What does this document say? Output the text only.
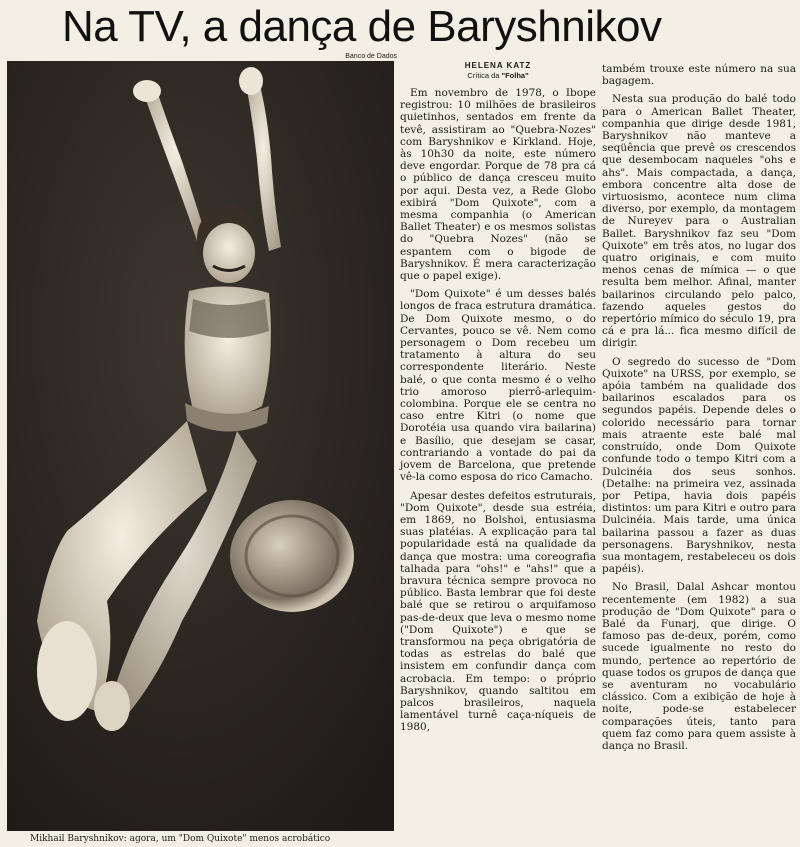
Na TV, a dança de Baryshnikov
Banco de Dados
Mikhail Baryshnikov: agora, um "Dom Quixote" menos acrobático
HELENA KATZ
Crítica da "Folha"

Em novembro de 1978, o Ibope registrou: 10 milhões de brasileiros quietinhos, sentados em frente da tevê, assistiram ao "Quebra-Nozes" com Baryshnikov e Kirkland. Hoje, às 10h30 da noite, este número deve engordar. Porque de 78 pra cá o público de dança cresceu muito por aqui. Desta vez, a Rede Globo exibirá "Dom Quixote", com a mesma companhia (o American Ballet Theater) e os mesmos solistas do "Quebra Nozes" (não se espantem com o bigode de Baryshnikov. É mera caracterização que o papel exige).

"Dom Quixote" é um desses balés longos de fraca estrutura dramática. De Dom Quixote mesmo, o do Cervantes, pouco se vê. Nem como personagem o Dom recebeu um tratamento à altura do seu correspondente literário. Neste balé, o que conta mesmo é o velho trio amoroso pierrô-arlequim-colombina. Porque ele se centra no caso entre Kitri (o nome que Dorotéia usa quando vira bailarina) e Basílio, que desejam se casar, contrariando a vontade do pai da jovem de Barcelona, que pretende vê-la como esposa do rico Camacho.

Apesar destes defeitos estruturais, "Dom Quixote", desde sua estréia, em 1869, no Bolshoi, entusiasma suas platéias. A explicação para tal popularidade está na qualidade da dança que mostra: uma coreografia talhada para "ohs!" e "ahs!" que a bravura técnica sempre provoca no público. Basta lembrar que foi deste balé que se retirou o arquifamoso pas-de-deux que leva o mesmo nome ("Dom Quixote") e que se transformou na peça obrigatória de todas as estrelas do balé que insistem em confundir dança com acrobacia. Em tempo: o próprio Baryshnikov, quando saltitou em palcos brasileiros, naquela lamentável turnê caça-níqueis de 1980,

também trouxe este número na sua bagagem.

Nesta sua produção do balé todo para o American Ballet Theater, companhia que dirige desde 1981, Baryshnikov não manteve a seqüência que prevê os crescendos que desembocam naqueles "ohs e ahs". Mais compactada, a dança, embora concentre alta dose de virtuosismo, acontece num clima diverso, por exemplo, da montagem de Nureyev para o Australian Ballet. Baryshnikov faz seu "Dom Quixote" em três atos, no lugar dos quatro originais, e com muito menos cenas de mímica — o que resulta bem melhor. Afinal, manter bailarinos circulando pelo palco, fazendo aqueles gestos do repertório mímico do século 19, pra cá e pra lá... fica mesmo difícil de dirigir.

O segredo do sucesso de "Dom Quixote" na URSS, por exemplo, se apóia também na qualidade dos bailarinos escalados para os segundos papéis. Depende deles o colorido necessário para tornar mais atraente este balé mal construído, onde Dom Quixote confunde todo o tempo Kitri com a Dulcinéia dos seus sonhos. (Detalhe: na primeira vez, assinada por Petipa, havia dois papéis distintos: um para Kitri e outro para Dulcinéia. Mais tarde, uma única bailarina passou a fazer as duas personagens. Baryshnikov, nesta sua montagem, restabeleceu os dois papéis).

No Brasil, Dalal Ashcar montou recentemente (em 1982) a sua produção de "Dom Quixote" para o Balé da Funarj, que dirige. O famoso pas de-deux, porém, como sucede igualmente no resto do mundo, pertence ao repertório de quase todos os grupos de dança que se aventuram no vocabulário clássico. Com a exibição de hoje à noite, pode-se estabelecer comparações úteis, tanto para quem faz como para quem assiste à dança no Brasil.
